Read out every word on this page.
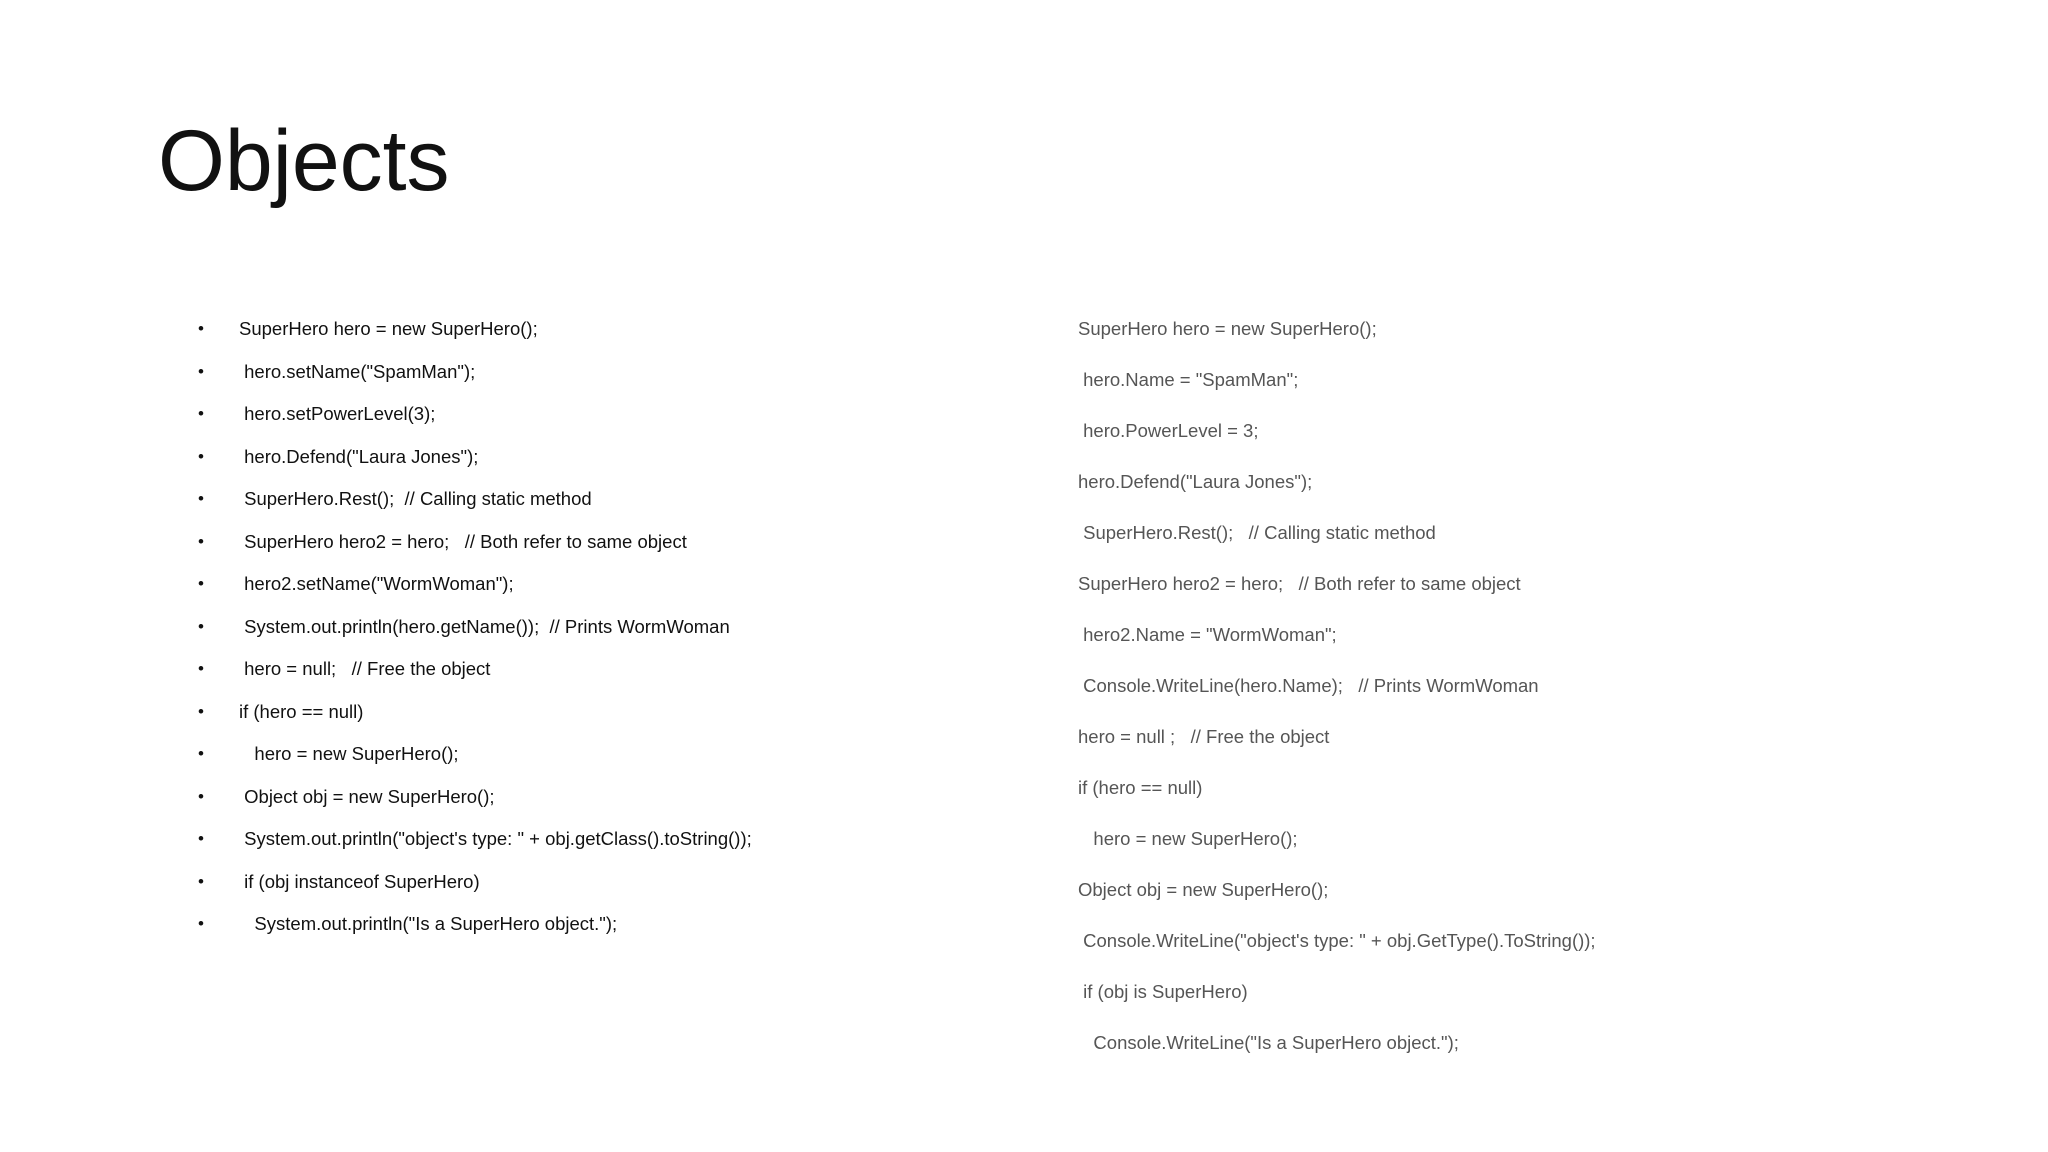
Objects
•	SuperHero hero = new SuperHero();
•	hero.setName("SpamMan");
•	hero.setPowerLevel(3);
•	hero.Defend("Laura Jones");
•	SuperHero.Rest();  // Calling static method
•	SuperHero hero2 = hero;   // Both refer to same object
•	hero2.setName("WormWoman");
•	System.out.println(hero.getName());  // Prints WormWoman
•	hero = null;   // Free the object
•	if (hero == null)
•	hero = new SuperHero();
•	Object obj = new SuperHero();
•	System.out.println("object's type: " + obj.getClass().toString());
•	if (obj instanceof SuperHero)
•	System.out.println("Is a SuperHero object.");
SuperHero hero = new SuperHero();
hero.Name = "SpamMan";
hero.PowerLevel = 3;
hero.Defend("Laura Jones");
SuperHero.Rest();   // Calling static method
SuperHero hero2 = hero;   // Both refer to same object
hero2.Name = "WormWoman";
Console.WriteLine(hero.Name);   // Prints WormWoman
hero = null ;   // Free the object
if (hero == null)
hero = new SuperHero();
Object obj = new SuperHero();
Console.WriteLine("object's type: " + obj.GetType().ToString());
if (obj is SuperHero)
Console.WriteLine("Is a SuperHero object.");
